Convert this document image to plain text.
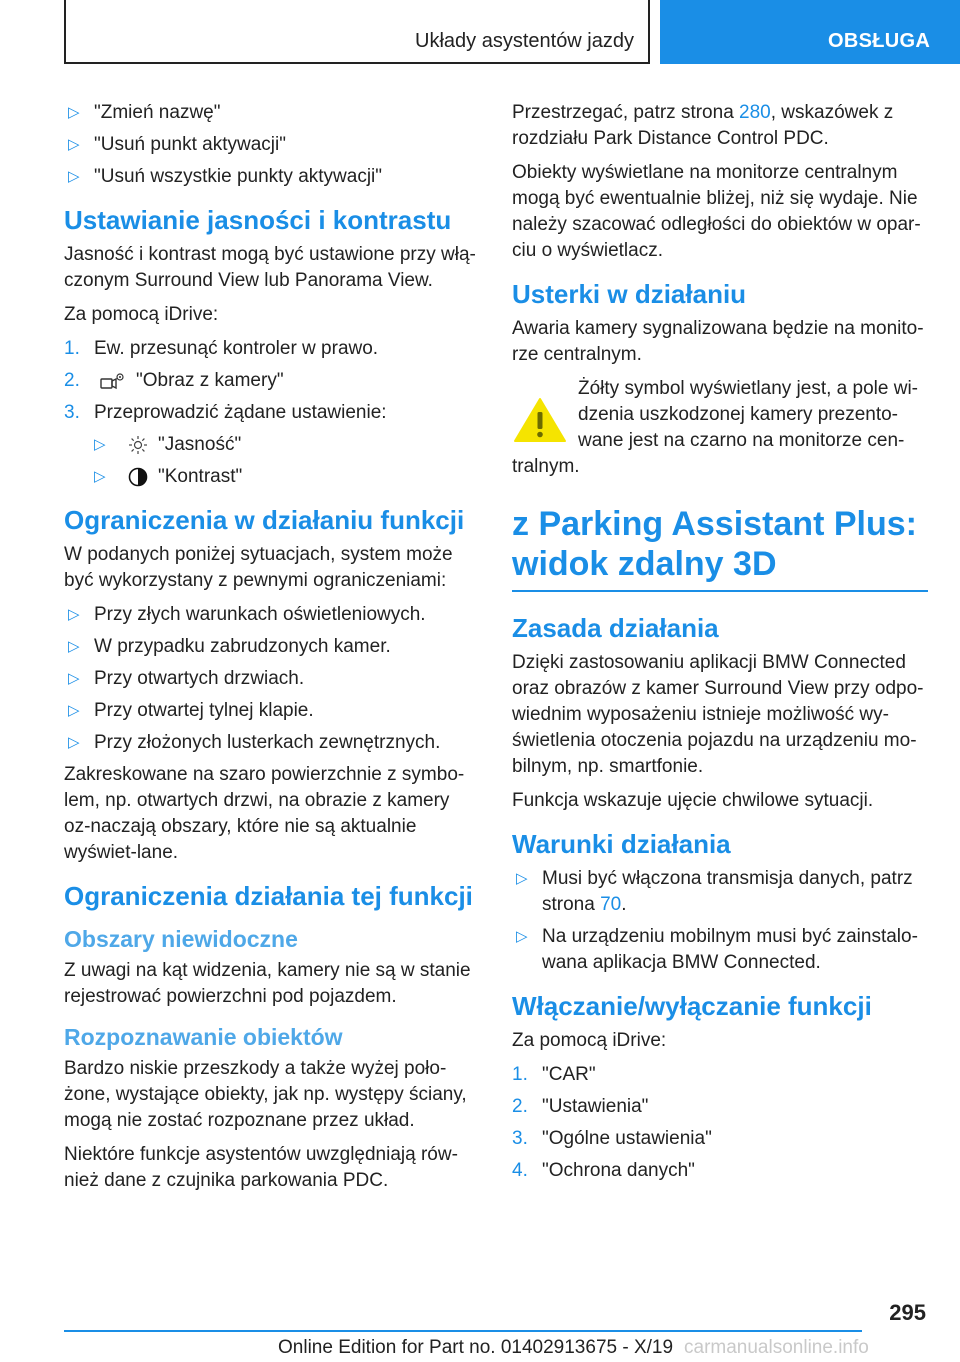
Układy asystentów jazdy	OBSŁUGA
▷ "Zmień nazwę"
▷ "Usuń punkt aktywacji"
▷ "Usuń wszystkie punkty aktywacji"
Ustawianie jasności i kontrastu

Jasność i kontrast mogą być ustawione przy włą-czonym Surround View lub Panorama View.

Za pomocą iDrive:

1. Ew. przesunąć kontroler w prawo.
2.	"Obraz z kamery"
3. Przeprowadzić żądane ustawienie:
▷	"Jasność"
▷	"Kontrast"
Ograniczenia w działaniu funkcji

W podanych poniżej sytuacjach, system może być wykorzystany z pewnymi ograniczeniami:

▷ Przy złych warunkach oświetleniowych.
▷ W przypadku zabrudzonych kamer.
▷ Przy otwartych drzwiach.
▷ Przy otwartej tylnej klapie.
▷ Przy złożonych lusterkach zewnętrznych.

Zakreskowane na szaro powierzchnie z symbo-lem, np. otwartych drzwi, na obrazie z kamery oz-naczają obszary, które nie są aktualnie wyświet-lane.

Ograniczenia działania tej funkcji
Obszary niewidoczne

Z uwagi na kąt widzenia, kamery nie są w stanie rejestrować powierzchni pod pojazdem.

Rozpoznawanie obiektów

Bardzo niskie przeszkody a także wyżej poło-żone, wystające obiekty, jak np. występy ściany, mogą nie zostać rozpoznane przez układ.

Niektóre funkcje asystentów uwzględniają rów-nież dane z czujnika parkowania PDC.

Przestrzegać, patrz strona 280, wskazówek z rozdziału Park Distance Control PDC.

Obiekty wyświetlane na monitorze centralnym mogą być ewentualnie bliżej, niż się wydaje. Nie należy szacować odległości do obiektów w opar-ciu o wyświetlacz.

Usterki w działaniu

Awaria kamery sygnalizowana będzie na monito-rze centralnym.

Żółty symbol wyświetlany jest, a pole wi-
dzenia uszkodzonej kamery prezento-
wane jest na czarno na monitorze cen-
tralnym.
z Parking Assistant Plus:
widok zdalny 3D
Zasada działania

Dzięki zastosowaniu aplikacji BMW Connected oraz obrazów z kamer Surround View przy odpo-wiednim wyposażeniu istnieje możliwość wy-świetlenia otoczenia pojazdu na urządzeniu mo-bilnym, np. smartfonie.

Funkcja wskazuje ujęcie chwilowe sytuacji.

Warunki działania
▷ Musi być włączona transmisja danych, patrz strona 70.
▷ Na urządzeniu mobilnym musi być zainstalo-wana aplikacja BMW Connected.
Włączanie/wyłączanie funkcji

Za pomocą iDrive:

1. "CAR"
2. "Ustawienia"
3. "Ogólne ustawienia"
4. "Ochrona danych"
295
Online Edition for Part no. 01402913675 - X/19 carmanualsonline.info
